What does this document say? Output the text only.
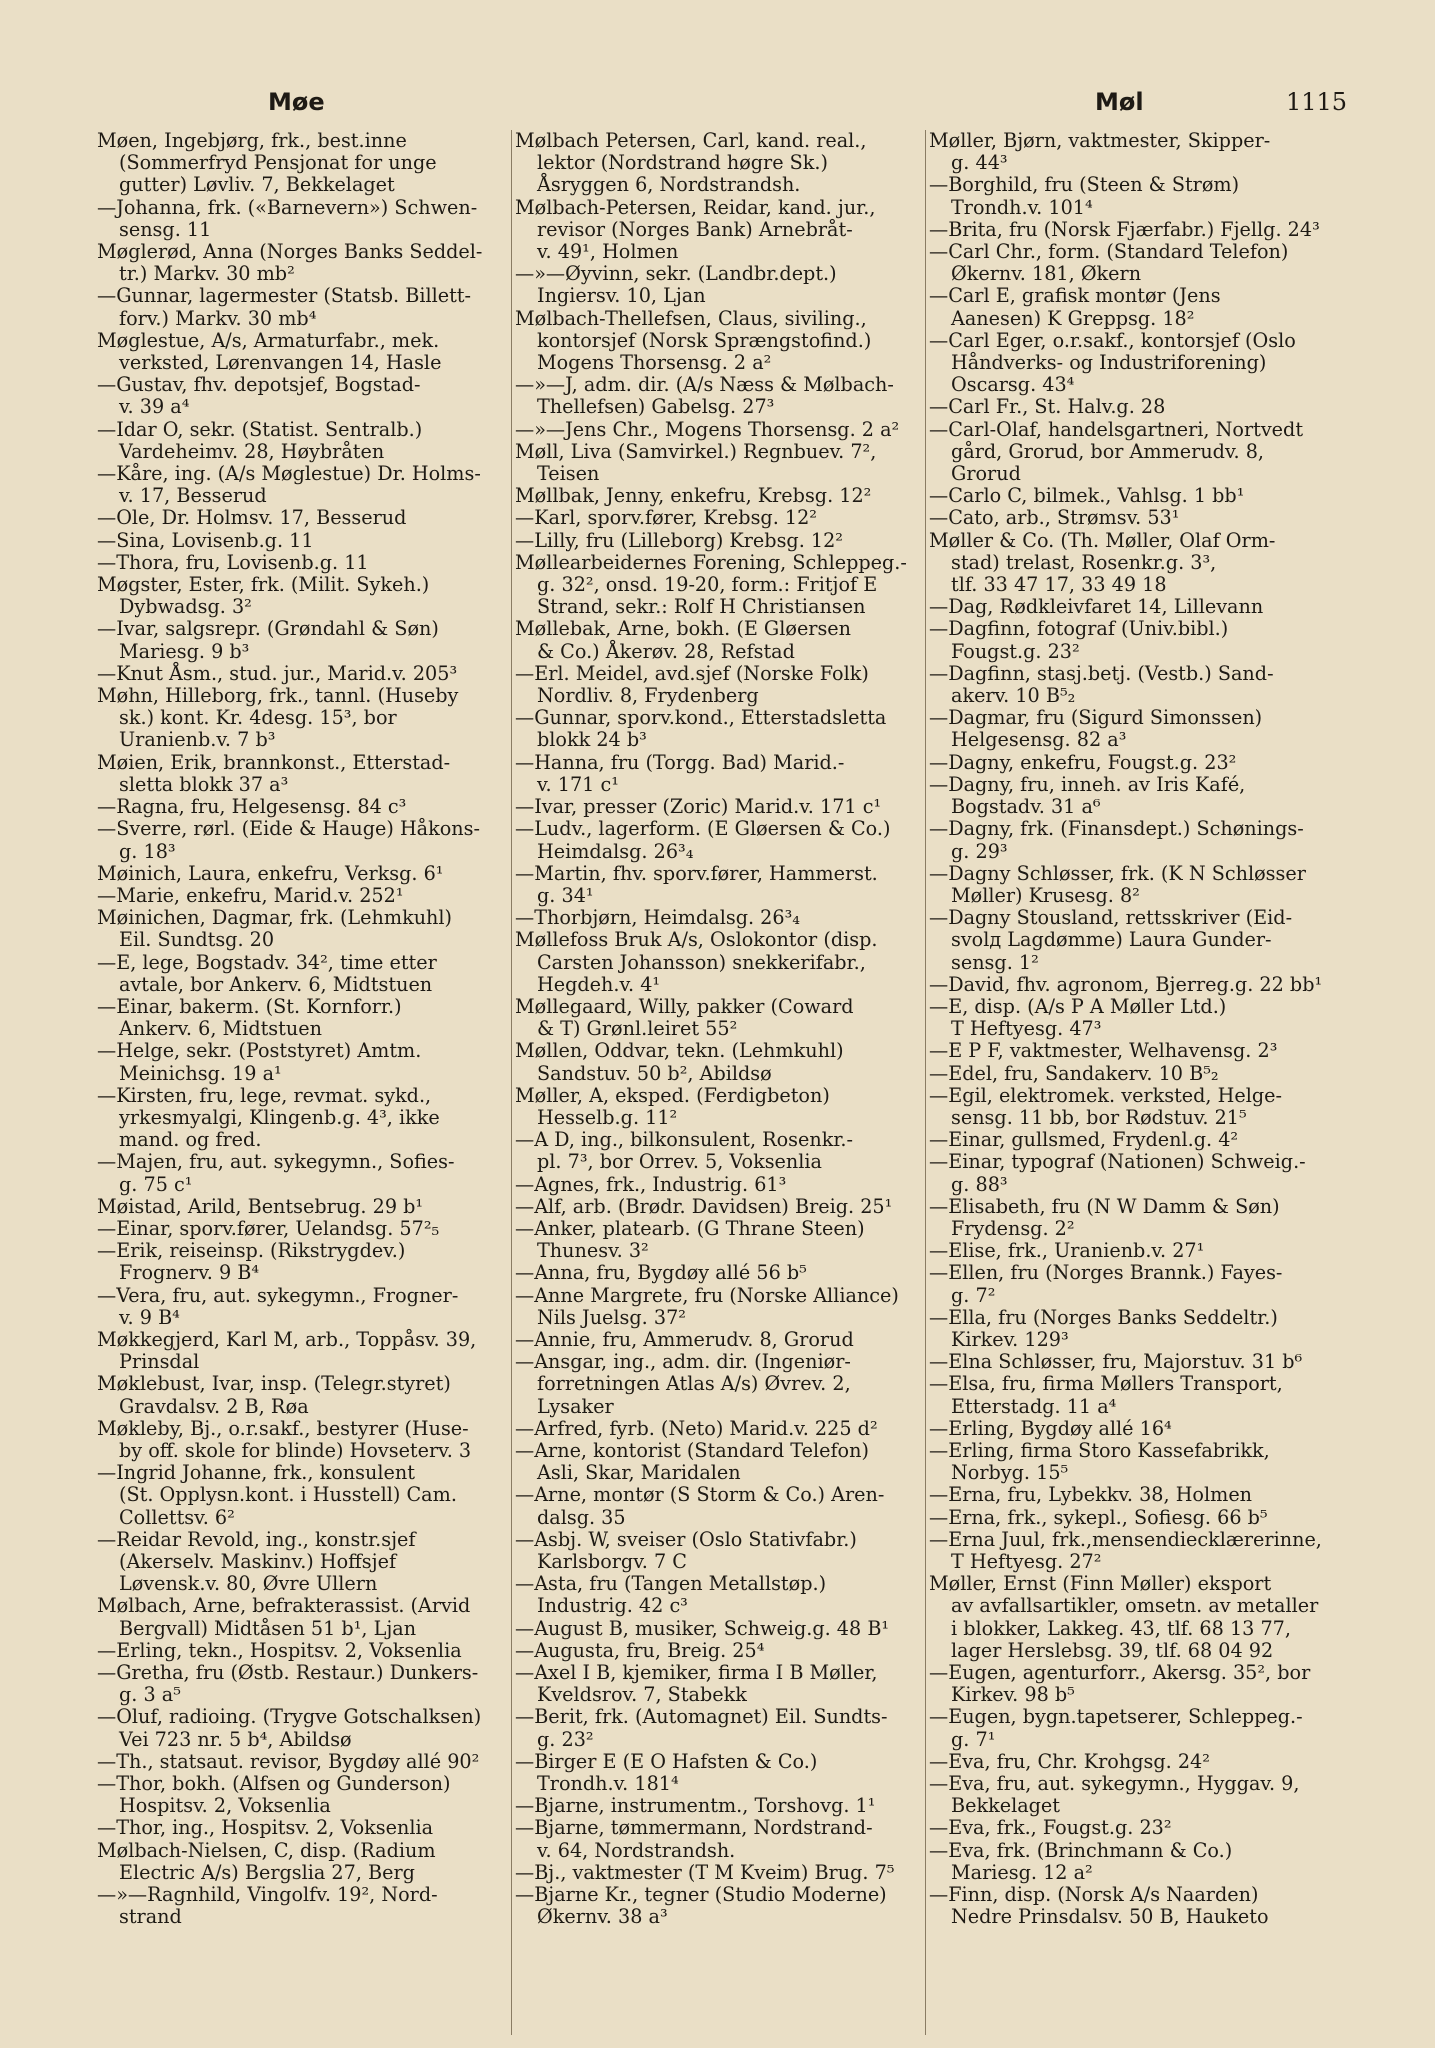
Møe	Møl	1115
Møen, Ingebjørg, frk., best.inne
(Sommerfryd Pensjonat for unge
gutter) Løvliv. 7, Bekkelaget
—Johanna, frk. («Barnevern») Schwen-
sensg. 11
Møglerød, Anna (Norges Banks Seddel-
tr.) Markv. 30 mb²
—Gunnar, lagermester (Statsb. Billett-
forv.) Markv. 30 mb⁴
Møglestue, A/s, Armaturfabr., mek.
verksted, Lørenvangen 14, Hasle
—Gustav, fhv. depotsjef, Bogstad-
v. 39 a⁴
—Idar O, sekr. (Statist. Sentralb.)
Vardeheimv. 28, Høybråten
—Kåre, ing. (A/s Møglestue) Dr. Holms-
v. 17, Besserud
—Ole, Dr. Holmsv. 17, Besserud
—Sina, Lovisenb.g. 11
—Thora, fru, Lovisenb.g. 11
Møgster, Ester, frk. (Milit. Sykeh.)
Dybwadsg. 3²
—Ivar, salgsrepr. (Grøndahl & Søn)
Mariesg. 9 b³
—Knut Åsm., stud. jur., Marid.v. 205³
Møhn, Hilleborg, frk., tannl. (Huseby
sk.) kont. Kr. 4desg. 15³, bor
Uranienb.v. 7 b³
Møien, Erik, brannkonst., Etterstad-
sletta blokk 37 a³
—Ragna, fru, Helgesensg. 84 c³
—Sverre, rørl. (Eide & Hauge) Håkons-
g. 18³
Møinich, Laura, enkefru, Verksg. 6¹
—Marie, enkefru, Marid.v. 252¹
Møinichen, Dagmar, frk. (Lehmkuhl)
Eil. Sundtsg. 20
—E, lege, Bogstadv. 34², time etter
avtale, bor Ankerv. 6, Midtstuen
—Einar, bakerm. (St. Kornforr.)
Ankerv. 6, Midtstuen
—Helge, sekr. (Poststyret) Amtm.
Meinichsg. 19 a¹
—Kirsten, fru, lege, revmat. sykd.,
yrkesmyalgi, Klingenb.g. 4³, ikke
mand. og fred.
—Majen, fru, aut. sykegymn., Sofies-
g. 75 c¹
Møistad, Arild, Bentsebrug. 29 b¹
—Einar, sporv.fører, Uelandsg. 57²₅
—Erik, reiseinsp. (Rikstrygdev.)
Frognerv. 9 B⁴
—Vera, fru, aut. sykegymn., Frogner-
v. 9 B⁴
Møkkegjerd, Karl M, arb., Toppåsv. 39,
Prinsdal
Møklebust, Ivar, insp. (Telegr.styret)
Gravdalsv. 2 B, Røa
Møkleby, Bj., o.r.sakf., bestyrer (Huse-
by off. skole for blinde) Hovseterv. 3
—Ingrid Johanne, frk., konsulent
(St. Opplysn.kont. i Husstell) Cam.
Collettsv. 6²
—Reidar Revold, ing., konstr.sjef
(Akerselv. Maskinv.) Hoffsjef
Løvensk.v. 80, Øvre Ullern
Mølbach, Arne, befrakterassist. (Arvid
Bergvall) Midtåsen 51 b¹, Ljan
—Erling, tekn., Hospitsv. 2, Voksenlia
—Gretha, fru (Østb. Restaur.) Dunkers-
g. 3 a⁵
—Oluf, radioing. (Trygve Gotschalksen)
Vei 723 nr. 5 b⁴, Abildsø
—Th., statsaut. revisor, Bygdøy allé 90²
—Thor, bokh. (Alfsen og Gunderson)
Hospitsv. 2, Voksenlia
—Thor, ing., Hospitsv. 2, Voksenlia
Mølbach-Nielsen, C, disp. (Radium
Electric A/s) Bergslia 27, Berg
—»—Ragnhild, Vingolfv. 19², Nord-
strand
Mølbach Petersen, Carl, kand. real.,
lektor (Nordstrand høgre Sk.)
Åsryggen 6, Nordstrandsh.
Mølbach-Petersen, Reidar, kand. jur.,
revisor (Norges Bank) Arnebråt-
v. 49¹, Holmen
—»—Øyvinn, sekr. (Landbr.dept.)
Ingiersv. 10, Ljan
Mølbach-Thellefsen, Claus, siviling.,
kontorsjef (Norsk Sprængstofind.)
Mogens Thorsensg. 2 a²
—»—J, adm. dir. (A/s Næss & Mølbach-
Thellefsen) Gabelsg. 27³
—»—Jens Chr., Mogens Thorsensg. 2 a²
Møll, Liva (Samvirkel.) Regnbuev. 7²,
Teisen
Møllbak, Jenny, enkefru, Krebsg. 12²
—Karl, sporv.fører, Krebsg. 12²
—Lilly, fru (Lilleborg) Krebsg. 12²
Møllearbeidernes Forening, Schleppeg.-
g. 32², onsd. 19-20, form.: Fritjof E
Strand, sekr.: Rolf H Christiansen
Møllebak, Arne, bokh. (E Gløersen
& Co.) Åkerøv. 28, Refstad
—Erl. Meidel, avd.sjef (Norske Folk)
Nordliv. 8, Frydenberg
—Gunnar, sporv.kond., Etterstadsletta
blokk 24 b³
—Hanna, fru (Torgg. Bad) Marid.-
v. 171 c¹
—Ivar, presser (Zoric) Marid.v. 171 c¹
—Ludv., lagerform. (E Gløersen & Co.)
Heimdalsg. 26³₄
—Martin, fhv. sporv.fører, Hammerst.
g. 34¹
—Thorbjørn, Heimdalsg. 26³₄
Møllefoss Bruk A/s, Oslokontor (disp.
Carsten Johansson) snekkerifabr.,
Hegdeh.v. 4¹
Møllegaard, Willy, pakker (Coward
& T) Grønl.leiret 55²
Møllen, Oddvar, tekn. (Lehmkuhl)
Sandstuv. 50 b², Abildsø
Møller, A, eksped. (Ferdigbeton)
Hesselb.g. 11²
—A D, ing., bilkonsulent, Rosenkr.-
pl. 7³, bor Orrev. 5, Voksenlia
—Agnes, frk., Industrig. 61³
—Alf, arb. (Brødr. Davidsen) Breig. 25¹
—Anker, platearb. (G Thrane Steen)
Thunesv. 3²
—Anna, fru, Bygdøy allé 56 b⁵
—Anne Margrete, fru (Norske Alliance)
Nils Juelsg. 37²
—Annie, fru, Ammerudv. 8, Grorud
—Ansgar, ing., adm. dir. (Ingeniør-
forretningen Atlas A/s) Øvrev. 2,
Lysaker
—Arfred, fyrb. (Neto) Marid.v. 225 d²
—Arne, kontorist (Standard Telefon)
Asli, Skar, Maridalen
—Arne, montør (S Storm & Co.) Aren-
dalsg. 35
—Asbj. W, sveiser (Oslo Stativfabr.)
Karlsborgv. 7 C
—Asta, fru (Tangen Metallstøp.)
Industrig. 42 c³
—August B, musiker, Schweig.g. 48 B¹
—Augusta, fru, Breig. 25⁴
—Axel I B, kjemiker, firma I B Møller,
Kveldsrov. 7, Stabekk
—Berit, frk. (Automagnet) Eil. Sundts-
g. 23²
—Birger E (E O Hafsten & Co.)
Trondh.v. 181⁴
—Bjarne, instrumentm., Torshovg. 1¹
—Bjarne, tømmermann, Nordstrand-
v. 64, Nordstrandsh.
—Bj., vaktmester (T M Kveim) Brug. 7⁵
—Bjarne Kr., tegner (Studio Moderne)
Økernv. 38 a³
Møller, Bjørn, vaktmester, Skipper-
g. 44³
—Borghild, fru (Steen & Strøm)
Trondh.v. 101⁴
—Brita, fru (Norsk Fjærfabr.) Fjellg. 24³
—Carl Chr., form. (Standard Telefon)
Økernv. 181, Økern
—Carl E, grafisk montør (Jens
Aanesen) K Greppsg. 18²
—Carl Eger, o.r.sakf., kontorsjef (Oslo
Håndverks- og Industriforening)
Oscarsg. 43⁴
—Carl Fr., St. Halv.g. 28
—Carl-Olaf, handelsgartneri, Nortvedt
gård, Grorud, bor Ammerudv. 8,
Grorud
—Carlo C, bilmek., Vahlsg. 1 bb¹
—Cato, arb., Strømsv. 53¹
Møller & Co. (Th. Møller, Olaf Orm-
stad) trelast, Rosenkr.g. 3³,
tlf. 33 47 17, 33 49 18
—Dag, Rødkleivfaret 14, Lillevann
—Dagfinn, fotograf (Univ.bibl.)
Fougst.g. 23²
—Dagfinn, stasj.betj. (Vestb.) Sand-
akerv. 10 B⁵₂
—Dagmar, fru (Sigurd Simonssen)
Helgesensg. 82 a³
—Dagny, enkefru, Fougst.g. 23²
—Dagny, fru, inneh. av Iris Kafé,
Bogstadv. 31 a⁶
—Dagny, frk. (Finansdept.) Schønings-
g. 29³
—Dagny Schløsser, frk. (K N Schløsser
Møller) Krusesg. 8²
—Dagny Stousland, rettsskriver (Eid-
svоlд Lagdømme) Laura Gunder-
sensg. 1²
—David, fhv. agronom, Bjerreg.g. 22 bb¹
—E, disp. (A/s P A Møller Ltd.)
T Heftyesg. 47³
—E P F, vaktmester, Welhavensg. 2³
—Edel, fru, Sandakerv. 10 B⁵₂
—Egil, elektromek. verksted, Helge-
sensg. 11 bb, bor Rødstuv. 21⁵
—Einar, gullsmed, Frydenl.g. 4²
—Einar, typograf (Nationen) Schweig.-
g. 88³
—Elisabeth, fru (N W Damm & Søn)
Frydensg. 2²
—Elise, frk., Uranienb.v. 27¹
—Ellen, fru (Norges Brannk.) Fayes-
g. 7²
—Ella, fru (Norges Banks Seddeltr.)
Kirkev. 129³
—Elna Schløsser, fru, Majorstuv. 31 b⁶
—Elsa, fru, firma Møllers Transport,
Etterstadg. 11 a⁴
—Erling, Bygdøy allé 16⁴
—Erling, firma Storo Kassefabrikk,
Norbyg. 15⁵
—Erna, fru, Lybekkv. 38, Holmen
—Erna, frk., sykepl., Sofiesg. 66 b⁵
—Erna Juul, frk.,mensendiecklærerinne,
T Heftyesg. 27²
Møller, Ernst (Finn Møller) eksport
av avfallsartikler, omsetn. av metaller
i blokker, Lakkeg. 43, tlf. 68 13 77,
lager Herslebsg. 39, tlf. 68 04 92
—Eugen, agenturforr., Akersg. 35², bor
Kirkev. 98 b⁵
—Eugen, bygn.tapetserer, Schleppeg.-
g. 7¹
—Eva, fru, Chr. Krohgsg. 24²
—Eva, fru, aut. sykegymn., Hyggav. 9,
Bekkelaget
—Eva, frk., Fougst.g. 23²
—Eva, frk. (Brinchmann & Co.)
Mariesg. 12 a²
—Finn, disp. (Norsk A/s Naarden)
Nedre Prinsdalsv. 50 B, Hauketo
